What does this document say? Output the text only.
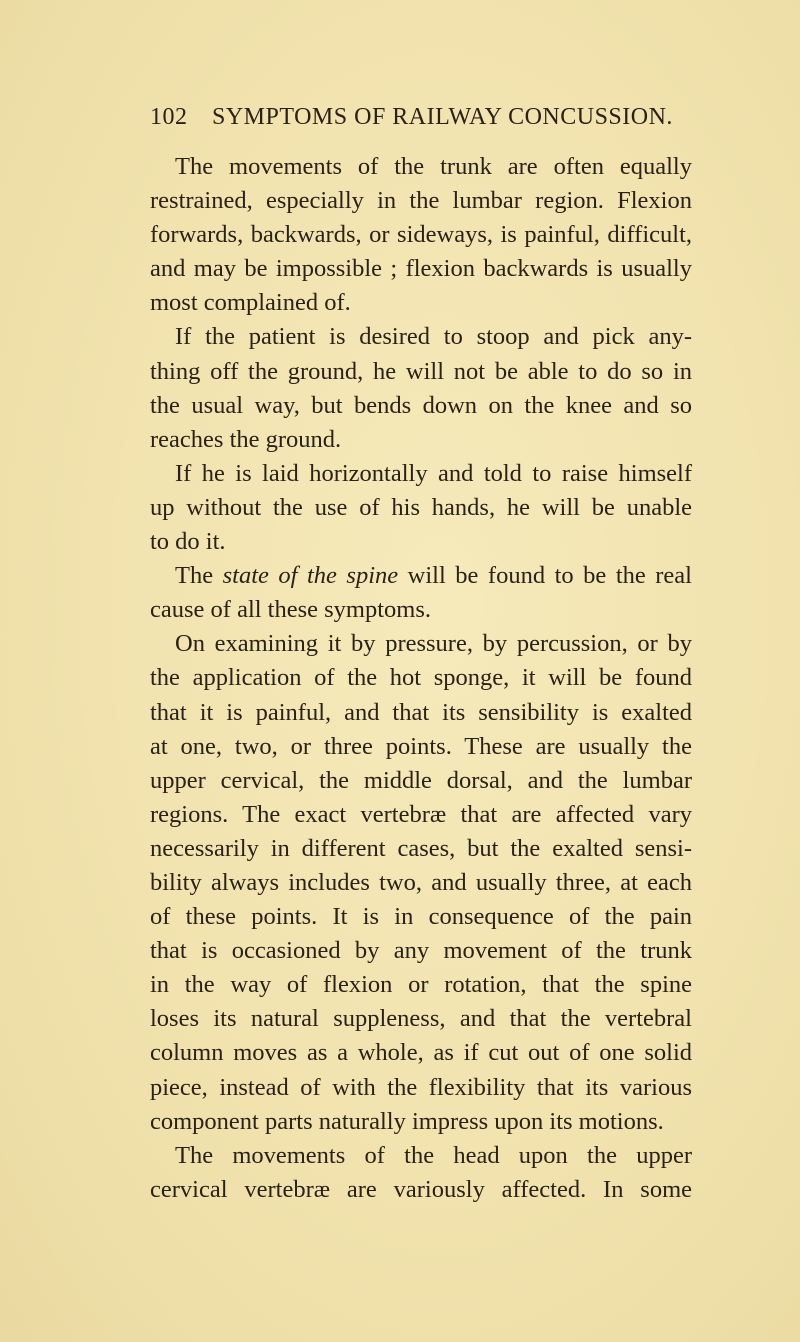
102 SYMPTOMS OF RAILWAY CONCUSSION.
The movements of the trunk are often equally
restrained, especially in the lumbar region. Flexion
forwards, backwards, or sideways, is painful, difficult,
and may be impossible ; flexion backwards is usually
most complained of.
If the patient is desired to stoop and pick any-
thing off the ground, he will not be able to do so in
the usual way, but bends down on the knee and so
reaches the ground.
If he is laid horizontally and told to raise himself
up without the use of his hands, he will be unable
to do it.
The state of the spine will be found to be the real
cause of all these symptoms.
On examining it by pressure, by percussion, or by
the application of the hot sponge, it will be found
that it is painful, and that its sensibility is exalted
at one, two, or three points. These are usually the
upper cervical, the middle dorsal, and the lumbar
regions. The exact vertebræ that are affected vary
necessarily in different cases, but the exalted sensi-
bility always includes two, and usually three, at each
of these points. It is in consequence of the pain
that is occasioned by any movement of the trunk
in the way of flexion or rotation, that the spine
loses its natural suppleness, and that the vertebral
column moves as a whole, as if cut out of one solid
piece, instead of with the flexibility that its various
component parts naturally impress upon its motions.
The movements of the head upon the upper
cervical vertebræ are variously affected. In some
